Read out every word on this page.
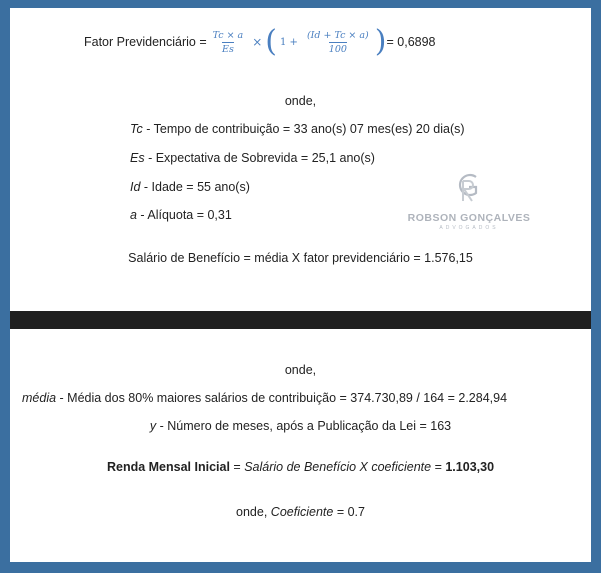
Fator Previdenciário = $\frac{Tc \times a}{Es}$ × ( $1 + \frac{(Id + Tc \times a)}{100}$ ) = 0,6898
onde,
Tc - Tempo de contribuição = 33 ano(s) 07 mes(es) 20 dia(s)
Es - Expectativa de Sobrevida = 25,1 ano(s)
Id - Idade = 55 ano(s)
a - Alíquota = 0,31	ROBSON GONÇALVES
ADVOGADOS
Salário de Benefício = média X fator previdenciário = 1.576,15
onde,
média - Média dos 80% maiores salários de contribuição = 374.730,89 / 164 = 2.284,94
y - Número de meses, após a Publicação da Lei = 163
Renda Mensal Inicial = Salário de Benefício X coeficiente = 1.103,30
onde, Coeficiente = 0.7
